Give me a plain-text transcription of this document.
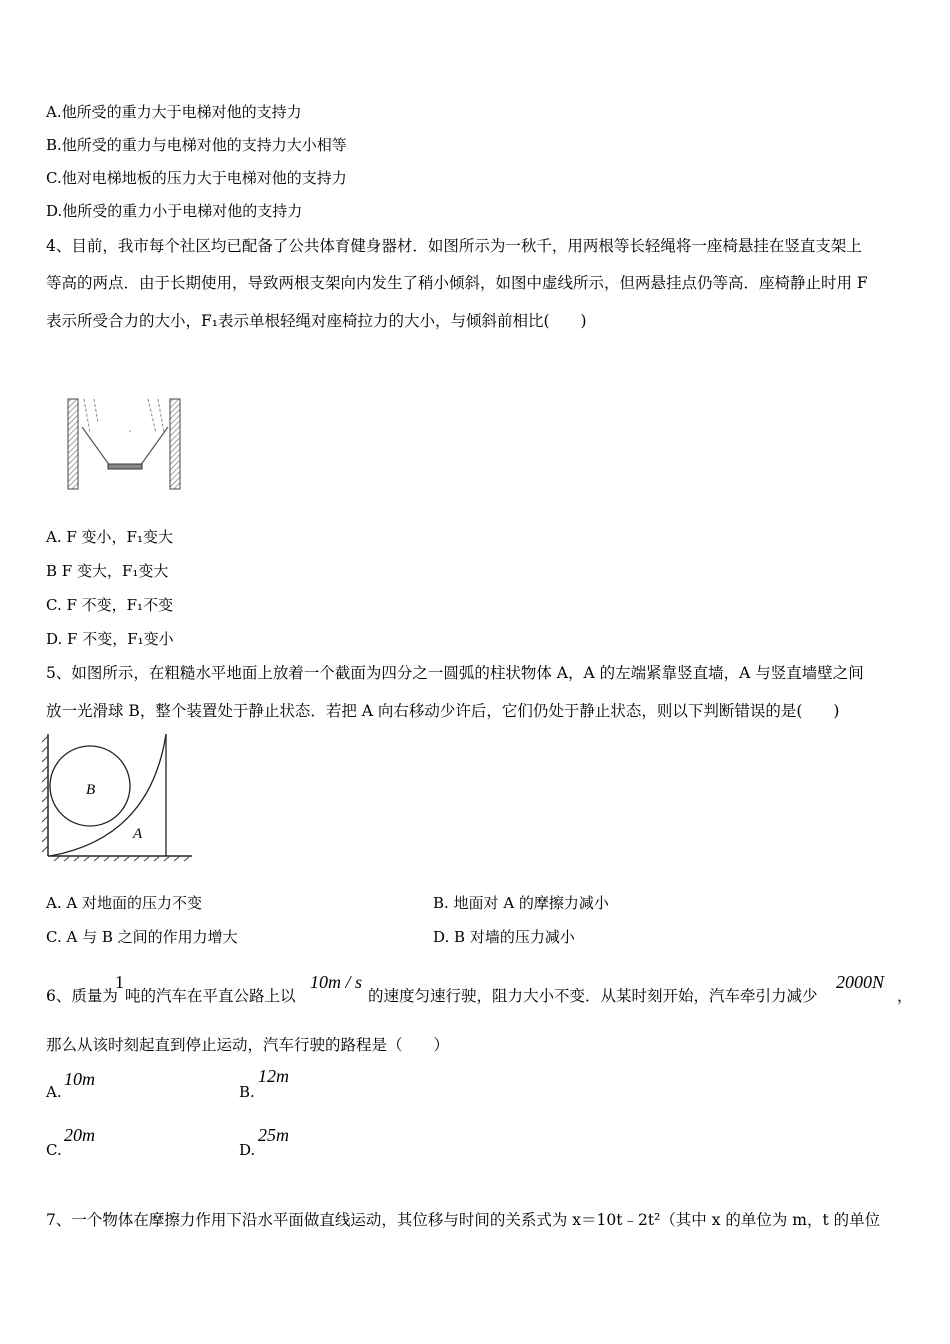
A.他所受的重力大于电梯对他的支持力
B.他所受的重力与电梯对他的支持力大小相等
C.他对电梯地板的压力大于电梯对他的支持力
D.他所受的重力小于电梯对他的支持力
4、目前，我市每个社区均已配备了公共体育健身器材．如图所示为一秋千，用两根等长轻绳将一座椅悬挂在竖直支架上
等高的两点．由于长期使用，导致两根支架向内发生了稍小倾斜，如图中虚线所示，但两悬挂点仍等高．座椅静止时用 F
表示所受合力的大小，F₁表示单根轻绳对座椅拉力的大小，与倾斜前相比(　　)
A. F 变小，F₁变大
B F 变大，F₁变大
C. F 不变，F₁不变
D. F 不变，F₁变小
5、如图所示，在粗糙水平地面上放着一个截面为四分之一圆弧的柱状物体 A，A 的左端紧靠竖直墙，A 与竖直墙壁之间
放一光滑球 B，整个装置处于静止状态．若把 A 向右移动少许后，它们仍处于静止状态，则以下判断错误的是(　　)
B
A
A. A 对地面的压力不变	B. 地面对 A 的摩擦力减小
C. A 与 B 之间的作用力增大	D. B 对墙的压力减小
6、质量为
1
吨的汽车在平直公路上以
10m / s
的速度匀速行驶，阻力大小不变．从某时刻开始，汽车牵引力减少
2000N
，
那么从该时刻起直到停止运动，汽车行驶的路程是（　　）
A.
10m
B.
12m
C.
20m
D.
25m
7、一个物体在摩擦力作用下沿水平面做直线运动，其位移与时间的关系式为 x＝10t﹣2t²（其中 x 的单位为 m，t 的单位
